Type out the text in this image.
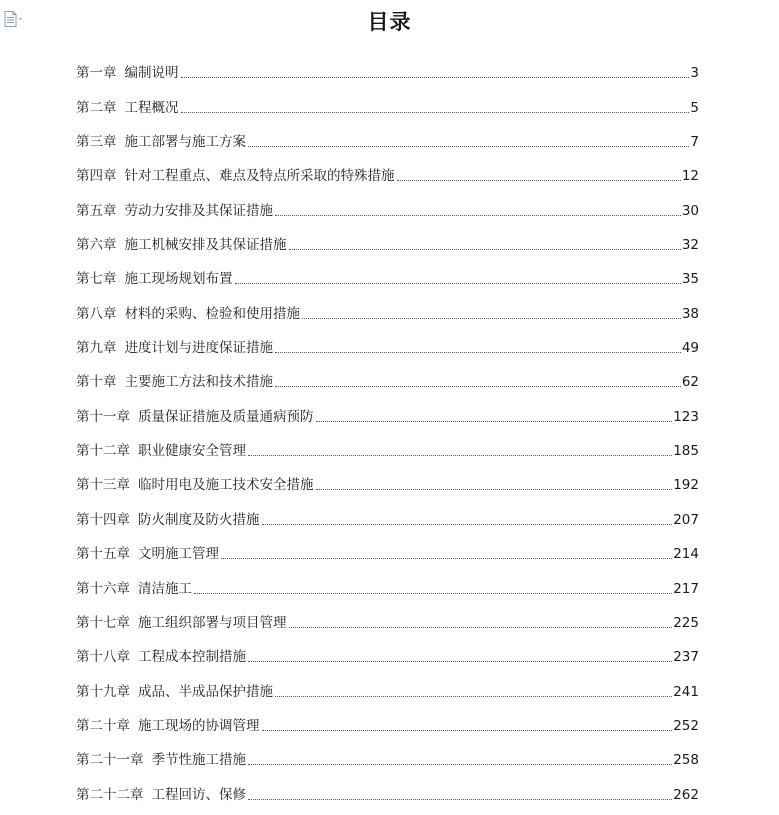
目录
第一章 编制说明	3
第二章 工程概况	5
第三章 施工部署与施工方案	7
第四章 针对工程重点、难点及特点所采取的特殊措施	12
第五章 劳动力安排及其保证措施	30
第六章 施工机械安排及其保证措施	32
第七章 施工现场规划布置	35
第八章 材料的采购、检验和使用措施	38
第九章 进度计划与进度保证措施	49
第十章 主要施工方法和技术措施	62
第十一章 质量保证措施及质量通病预防	123
第十二章 职业健康安全管理	185
第十三章 临时用电及施工技术安全措施	192
第十四章 防火制度及防火措施	207
第十五章 文明施工管理	214
第十六章 清洁施工	217
第十七章 施工组织部署与项目管理	225
第十八章 工程成本控制措施	237
第十九章 成品、半成品保护措施	241
第二十章 施工现场的协调管理	252
第二十一章 季节性施工措施	258
第二十二章 工程回访、保修	262
